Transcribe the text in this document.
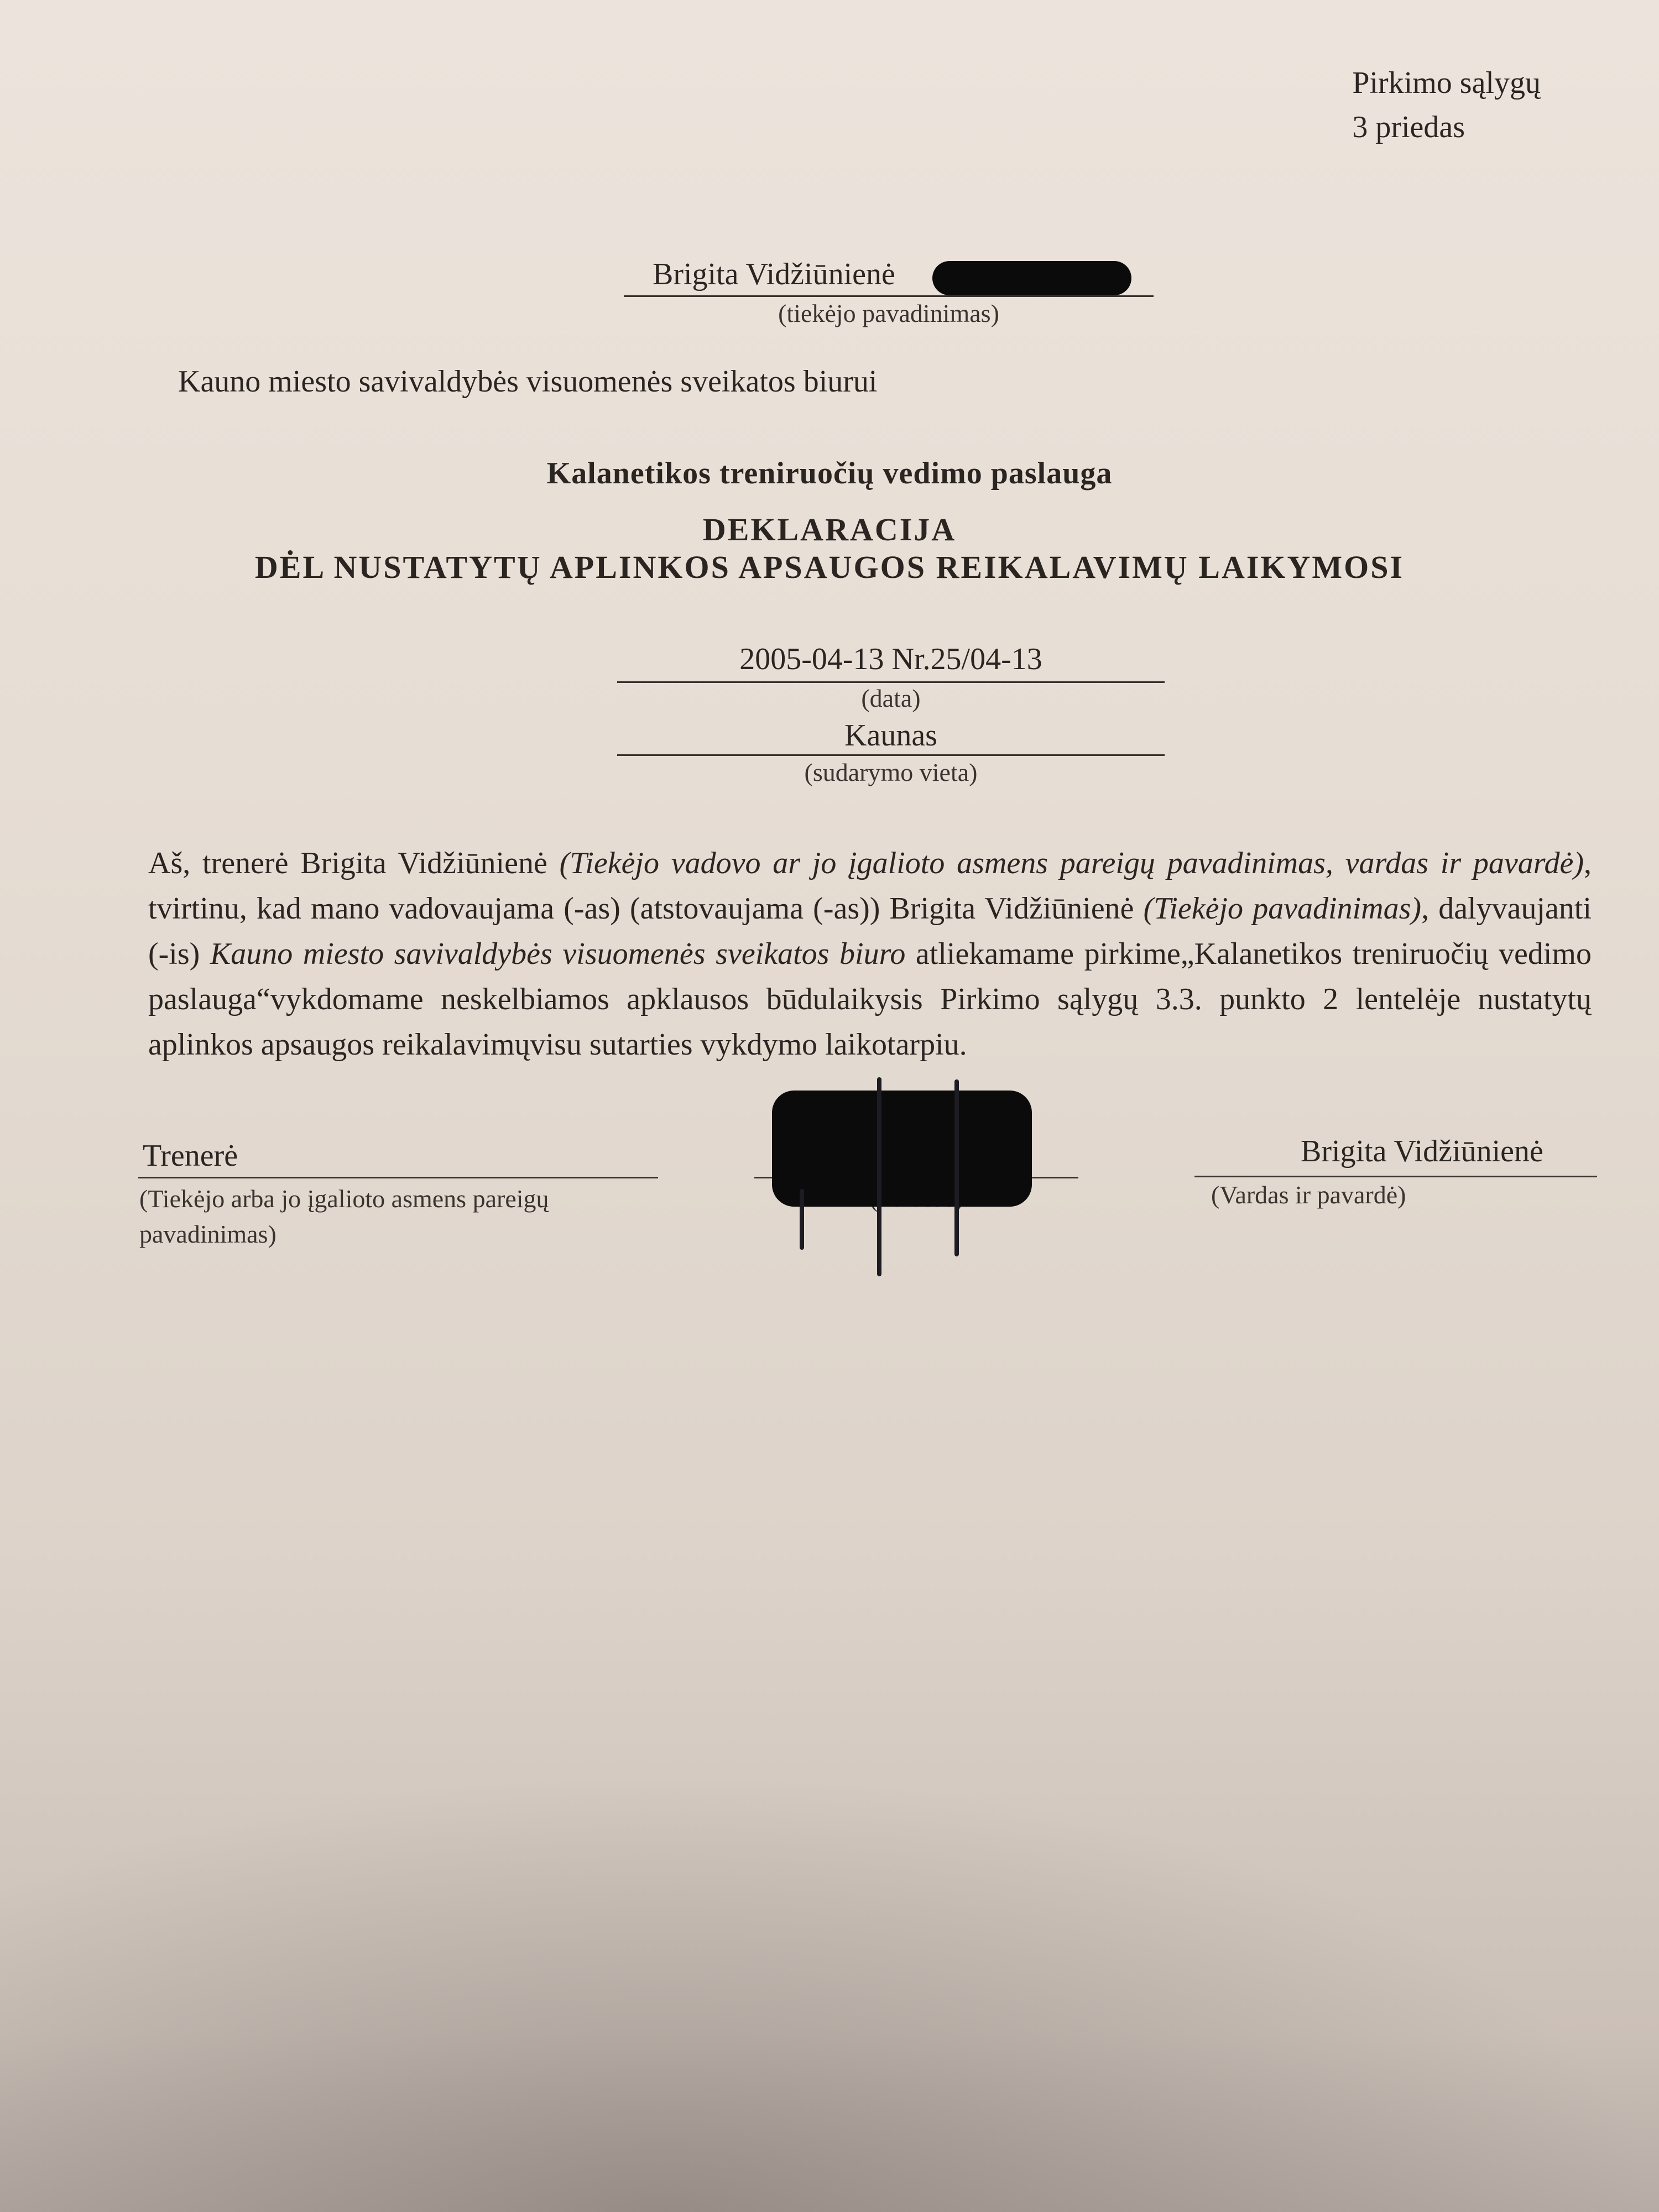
Pirkimo sąlygų
3 priedas
Brigita Vidžiūnienė
(tiekėjo pavadinimas)
Kauno miesto savivaldybės visuomenės sveikatos biurui
Kalanetikos treniruočių vedimo paslauga
DEKLARACIJA
DĖL NUSTATYTŲ APLINKOS APSAUGOS REIKALAVIMŲ LAIKYMOSI
2005-04-13 Nr.25/04-13
(data)
Kaunas
(sudarymo vieta)
Aš, trenerė Brigita Vidžiūnienė (Tiekėjo vadovo ar jo įgalioto asmens pareigų pavadinimas, vardas ir pavardė), tvirtinu, kad mano vadovaujama (-as) (atstovaujama (-as)) Brigita Vidžiūnienė (Tiekėjo pavadinimas), dalyvaujanti (-is) Kauno miesto savivaldybės visuomenės sveikatos biuro atliekamame pirkime„Kalanetikos treniruočių vedimo paslauga“vykdomame neskelbiamos apklausos būdulaikysis Pirkimo sąlygų 3.3. punkto 2 lentelėje nustatytų aplinkos apsaugos reikalavimųvisu sutarties vykdymo laikotarpiu.
Trenerė
(Tiekėjo arba jo įgalioto asmens pareigų
pavadinimas)
Brigita Vidžiūnienė
(Vardas ir pavardė)
